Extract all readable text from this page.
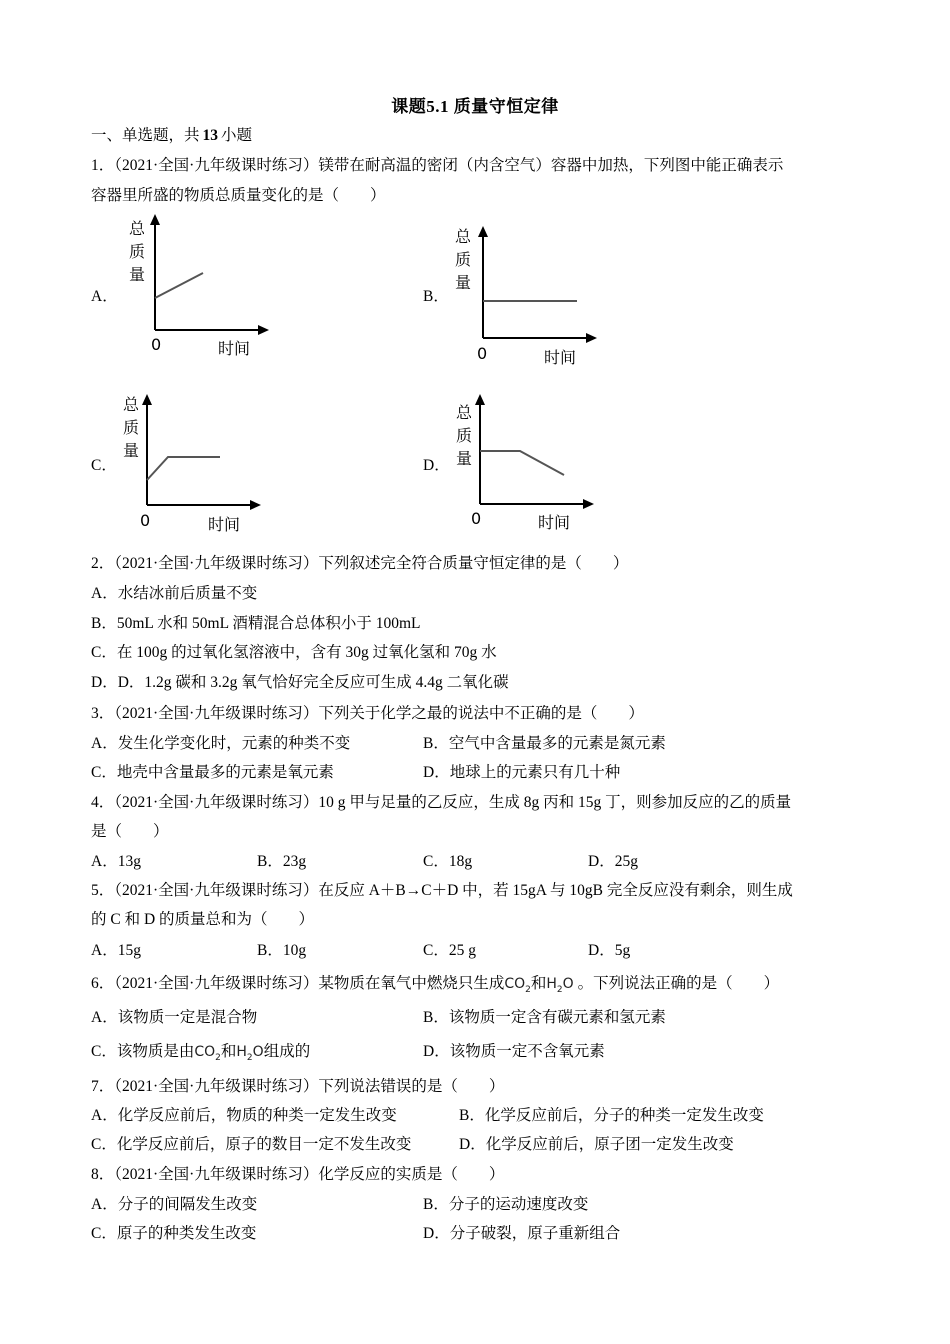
课题5.1 质量守恒定律
一、单选题，共 13 小题
1．（2021·全国·九年级课时练习）镁带在耐高温的密闭（内含空气）容器中加热，下列图中能正确表示
容器里所盛的物质总质量变化的是（　　）
A．
总
质
量
0	时间
B．
总
质
量
0	时间
C．
总
质
量
0	时间
D．
总
质
量
0	时间
2．（2021·全国·九年级课时练习）下列叙述完全符合质量守恒定律的是（　　）
A．水结冰前后质量不变
B．50mL 水和 50mL 酒精混合总体积小于 100mL
C．在 100g 的过氧化氢溶液中，含有 30g 过氧化氢和 70g 水
D．D．1.2g 碳和 3.2g 氧气恰好完全反应可生成 4.4g 二氧化碳
3．（2021·全国·九年级课时练习）下列关于化学之最的说法中不正确的是（　　）
A．发生化学变化时，元素的种类不变	B．空气中含量最多的元素是氮元素
C．地壳中含量最多的元素是氧元素	D．地球上的元素只有几十种
4．（2021·全国·九年级课时练习）10 g 甲与足量的乙反应，生成 8g 丙和 15g 丁，则参加反应的乙的质量
是（　　）
A．13g	B．23g	C．18g	D．25g
5．（2021·全国·九年级课时练习）在反应 A＋B→C＋D 中，若 15gA 与 10gB 完全反应没有剩余，则生成
的 C 和 D 的质量总和为（　　）
A．15g	B．10g	C．25 g	D．5g
6．（2021·全国·九年级课时练习）某物质在氧气中燃烧只生成$CO_2$和$H_2O$ 。下列说法正确的是（　　）
A．该物质一定是混合物	B．该物质一定含有碳元素和氢元素
C．该物质是由$CO_2$和$H_2O$组成的	D．该物质一定不含氧元素
7．（2021·全国·九年级课时练习）下列说法错误的是（　　）
A．化学反应前后，物质的种类一定发生改变	B．化学反应前后，分子的种类一定发生改变
C．化学反应前后，原子的数目一定不发生改变	D．化学反应前后，原子团一定发生改变
8．（2021·全国·九年级课时练习）化学反应的实质是（　　）
A．分子的间隔发生改变	B．分子的运动速度改变
C．原子的种类发生改变	D．分子破裂，原子重新组合
